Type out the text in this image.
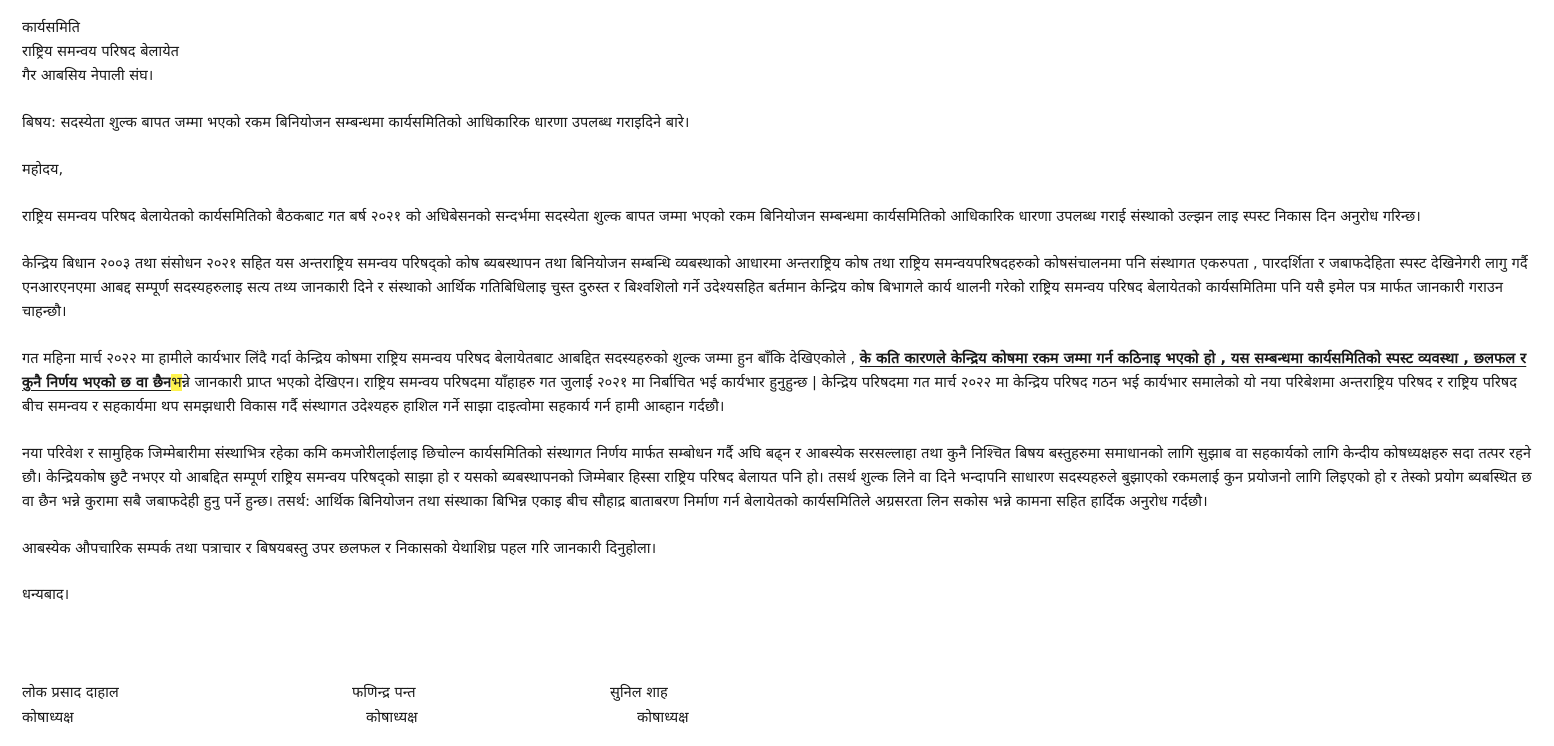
कार्यसमिति
राष्ट्रिय समन्वय परिषद बेलायेत
गैर आबसिय नेपाली संघ।

बिषय: सदस्येता शुल्क बापत जम्मा भएको रकम बिनियोजन सम्बन्धमा कार्यसमितिको आधिकारिक धारणा उपलब्ध गराइदिने बारे।

महोदय,

राष्ट्रिय समन्वय परिषद बेलायेतको कार्यसमितिको बैठकबाट गत बर्ष २०२१ को अधिबेसनको सन्दर्भमा सदस्येता शुल्क बापत जम्मा भएको रकम बिनियोजन सम्बन्धमा कार्यसमितिको आधिकारिक धारणा उपलब्ध गराई संस्थाको उल्झन लाइ स्पस्ट निकास दिन अनुरोध गरिन्छ।

केन्द्रिय बिधान २००३ तथा संसोधन २०२१ सहित यस अन्तराष्ट्रिय समन्वय परिषद्को कोष ब्यबस्थापन तथा बिनियोजन सम्बन्धि व्यबस्थाको आधारमा अन्तराष्ट्रिय कोष तथा राष्ट्रिय समन्वयपरिषदहरुको कोषसंचालनमा पनि संस्थागत एकरुपता , पारदर्शिता र जबाफदेहिता स्पस्ट देखिनेगरी लागु गर्दै एनआरएनएमा आबद्द सम्पूर्ण सदस्यहरुलाइ सत्य तथ्य जानकारी दिने र संस्थाको आर्थिक गतिबिधिलाइ चुस्त दुरुस्त र बिश्वशिलो गर्ने उदेश्यसहित बर्तमान केन्द्रिय कोष बिभागले कार्य थालनी गरेको राष्ट्रिय समन्वय परिषद बेलायेतको कार्यसमितिमा पनि यसै इमेल पत्र मार्फत जानकारी गराउन चाहन्छौ।

गत महिना मार्च २०२२ मा हामीले कार्यभार लिंदै गर्दा केन्द्रिय कोषमा राष्ट्रिय समन्वय परिषद बेलायेतबाट आबद्दित सदस्यहरुको शुल्क जम्मा हुन बाँकि देखिएकोले , के कति कारणले केन्द्रिय कोषमा रकम जम्मा गर्न कठिनाइ भएको हो , यस सम्बन्धमा कार्यसमितिको स्पस्ट व्यवस्था , छलफल र कुनै निर्णय भएको छ वा छैनभन्ने जानकारी प्राप्त भएको देखिएन। राष्ट्रिय समन्वय परिषदमा याँहाहरु गत जुलाई २०२१ मा निर्बाचित भई कार्यभार हुनुहुन्छ | केन्द्रिय परिषदमा गत मार्च २०२२ मा केन्द्रिय परिषद गठन भई कार्यभार समालेको यो नया परिबेशमा अन्तराष्ट्रिय परिषद र राष्ट्रिय परिषद बीच समन्वय र सहकार्यमा थप समझधारी विकास गर्दै संस्थागत उदेश्यहरु हाशिल गर्ने साझा दाइत्वोमा सहकार्य गर्न हामी आब्हान गर्दछौ।

नया परिवेश र सामुहिक जिम्मेबारीमा संस्थाभित्र रहेका कमि कमजोरीलाईलाइ छिचोल्न कार्यसमितिको संस्थागत निर्णय मार्फत सम्बोधन गर्दै अघि बढ्न र आबस्येक सरसल्लाहा तथा कुनै निश्चित बिषय बस्तुहरुमा समाधानको लागि सुझाब वा सहकार्यको लागि केन्दीय कोषध्यक्षहरु सदा तत्पर रहने छौ। केन्द्रियकोष छुटै नभएर यो आबद्दित सम्पूर्ण राष्ट्रिय समन्वय परिषद्को साझा हो र यसको ब्यबस्थापनको जिम्मेबार हिस्सा राष्ट्रिय परिषद बेलायत पनि हो। तसर्थ शुल्क लिने वा दिने भन्दापनि साधारण सदस्यहरुले बुझाएको रकमलाई कुन प्रयोजनो लागि लिइएको हो र तेस्को प्रयोग ब्यबस्थित छ वा छैन भन्ने कुरामा सबै जबाफदेही हुनु पर्ने हुन्छ। तसर्थ: आर्थिक बिनियोजन तथा संस्थाका बिभिन्न एकाइ बीच सौहाद्र बाताबरण निर्माण गर्न बेलायेतको कार्यसमितिले अग्रसरता लिन सकोस भन्ने कामना सहित हार्दिक अनुरोध गर्दछौ।

आबस्येक औपचारिक सम्पर्क तथा पत्राचार र बिषयबस्तु उपर छलफल र निकासको येथाशिघ्र पहल गरि जानकारी दिनुहोला।

धन्यबाद।

लोक प्रसाद दाहाल
कोषाध्यक्ष
फणिन्द्र पन्त
कोषाध्यक्ष
सुनिल शाह
कोषाध्यक्ष
